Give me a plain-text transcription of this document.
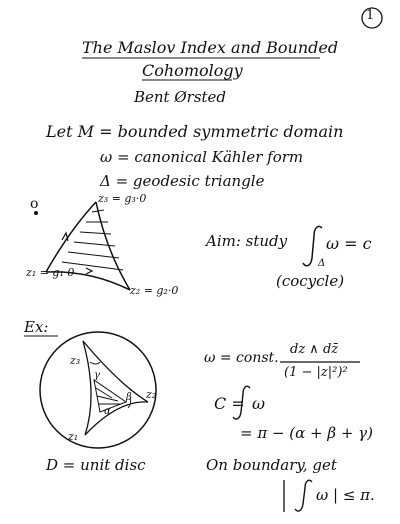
1
The Maslov Index and Bounded
Cohomology
Bent Ørsted
Let M = bounded symmetric domain
ω = canonical Kähler form
Δ = geodesic triangle
o	z₃ = g₃·0
z₁ = g₁·0
z₂ = g₂·0
Aim: study
Δ
ω = c
(cocycle)
Ex:
z₃
z₂
z₁
γ
α
β
ω = const.
dz ∧ dz̄
(1 − |z|²)²
C = ω
= π − (α + β + γ)
D = unit disc	On boundary, get
ω | ≤ π.
